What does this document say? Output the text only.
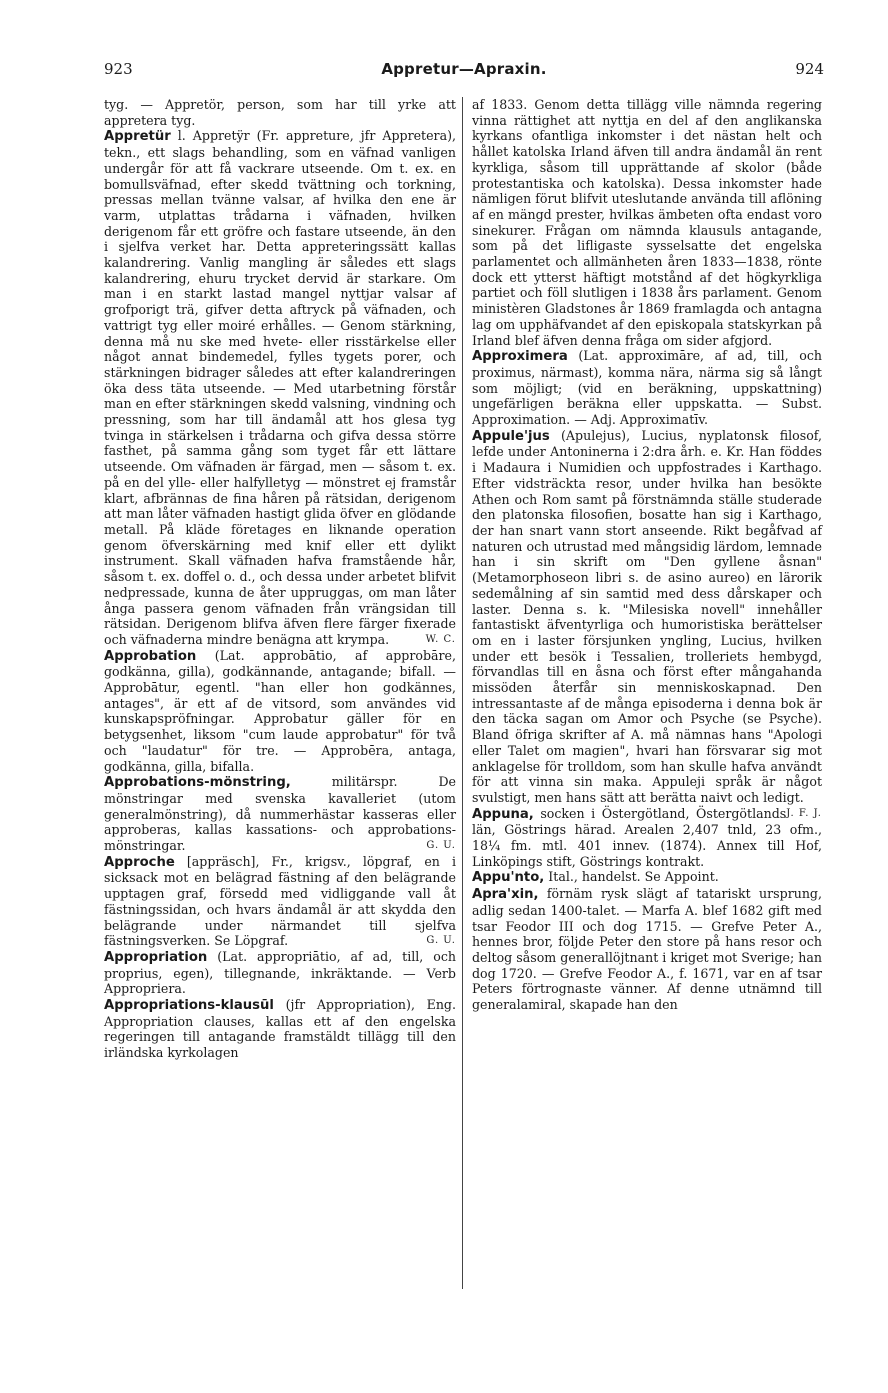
923	Appretur—Apraxin.	924

tyg. — Appretör, person, som har till yrke att appretera tyg.

Appretür l. Appretÿr (Fr. appreture, jfr Appretera), tekn., ett slags behandling, som en väfnad vanligen undergår för att få vackrare utseende. Om t. ex. en bomullsväfnad, efter skedd tvättning och torkning, pressas mellan tvänne valsar, af hvilka den ene är varm, utplattas trådarna i väfnaden, hvilken derigenom får ett gröfre och fastare utseende, än den i sjelfva verket har. Detta appreteringssätt kallas kalandrering. Vanlig mangling är således ett slags kalandrering, ehuru trycket dervid är starkare. Om man i en starkt lastad mangel nyttjar valsar af grofporigt trä, gifver detta aftryck på väfnaden, och vattrigt tyg eller moiré erhålles. — Genom stärkning, denna må nu ske med hvete- eller risstärkelse eller något annat bindemedel, fylles tygets porer, och stärkningen bidrager således att efter kalandreringen öka dess täta utseende. — Med utarbetning förstår man en efter stärkningen skedd valsning, vindning och pressning, som har till ändamål att hos glesa tyg tvinga in stärkelsen i trådarna och gifva dessa större fasthet, på samma gång som tyget får ett lättare utseende. Om väfnaden är färgad, men — såsom t. ex. på en del ylle- eller halfylletyg — mönstret ej framstår klart, afbrännas de fina håren på rätsidan, derigenom att man låter väfnaden hastigt glida öfver en glödande metall. På kläde företages en liknande operation genom öfverskärning med knif eller ett dylikt instrument. Skall väfnaden hafva framstående hår, såsom t. ex. doffel o. d., och dessa under arbetet blifvit nedpressade, kunna de åter uppruggas, om man låter ånga passera genom väfnaden från vrängsidan till rätsidan. Derigenom blifva äfven flere färger fixerade och väfnaderna mindre benägna att krympa.	W. C.

Approbation (Lat. approbātio, af approbāre, godkänna, gilla), godkännande, antagande; bifall. — Approbātur, egentl. "han eller hon godkännes, antages", är ett af de vitsord, som användes vid kunskapspröfningar. Approbatur gäller för en betygsenhet, liksom "cum laude approbatur" för två och "laudatur" för tre. — Approbēra, antaga, godkänna, gilla, bifalla.

Approbations-mönstring, militärspr. De mönstringar med svenska kavalleriet (utom generalmönstring), då nummerhästar kasseras eller approberas, kallas kassations- och approbations-mönstringar.	G. U.

Approche [appräsch], Fr., krigsv., löpgraf, en i sicksack mot en belägrad fästning af den belägrande upptagen graf, försedd med vidliggande vall åt fästningssidan, och hvars ändamål är att skydda den belägrande under närmandet till sjelfva fästningsverken. Se Löpgraf.	G. U.

Appropriation (Lat. appropriātio, af ad, till, och proprius, egen), tillegnande, inkräktande. — Verb Appropriera.

Appropriations-klausūl (jfr Appropriation), Eng. Appropriation clauses, kallas ett af den engelska regeringen till antagande framstäldt tillägg till den irländska kyrkolagen

af 1833. Genom detta tillägg ville nämnda regering vinna rättighet att nyttja en del af den anglikanska kyrkans ofantliga inkomster i det nästan helt och hållet katolska Irland äfven till andra ändamål än rent kyrkliga, såsom till upprättande af skolor (både protestantiska och katolska). Dessa inkomster hade nämligen förut blifvit uteslutande använda till aflöning af en mängd prester, hvilkas ämbeten ofta endast voro sinekurer. Frågan om nämnda klausuls antagande, som på det lifligaste sysselsatte det engelska parlamentet och allmänheten åren 1833—1838, rönte dock ett ytterst häftigt motstånd af det högkyrkliga partiet och föll slutligen i 1838 års parlament. Genom ministèren Gladstones år 1869 framlagda och antagna lag om upphäfvandet af den episkopala statskyrkan på Irland blef äfven denna fråga om sider afgjord.

Approximera (Lat. approximāre, af ad, till, och proximus, närmast), komma nära, närma sig så långt som möjligt; (vid en beräkning, uppskattning) ungefärligen beräkna eller uppskatta. — Subst. Approximation. — Adj. Approximatīv.

Appule'jus (Apulejus), Lucius, nyplatonsk filosof, lefde under Antoninerna i 2:dra årh. e. Kr. Han föddes i Madaura i Numidien och uppfostrades i Karthago. Efter vidsträckta resor, under hvilka han besökte Athen och Rom samt på förstnämnda ställe studerade den platonska filosofien, bosatte han sig i Karthago, der han snart vann stort anseende. Rikt begåfvad af naturen och utrustad med mångsidig lärdom, lemnade han i sin skrift om "Den gyllene åsnan" (Metamorphoseon libri s. de asino aureo) en lärorik sedemålning af sin samtid med dess dårskaper och laster. Denna s. k. "Milesiska novell" innehåller fantastiskt äfventyrliga och humoristiska berättelser om en i laster försjunken yngling, Lucius, hvilken under ett besök i Tessalien, trolleriets hembygd, förvandlas till en åsna och först efter mångahanda missöden återfår sin menniskoskapnad. Den intressantaste af de många episoderna i denna bok är den täcka sagan om Amor och Psyche (se Psyche). Bland öfriga skrifter af A. må nämnas hans "Apologi eller Talet om magien", hvari han försvarar sig mot anklagelse för trolldom, som han skulle hafva användt för att vinna sin maka. Appuleji språk är något svulstigt, men hans sätt att berätta naivt och ledigt.
J. F. J.

Appuna, socken i Östergötland, Östergötlands län, Göstrings härad. Arealen 2,407 tnld, 23 ofm., 18¼ fm. mtl. 401 innev. (1874). Annex till Hof, Linköpings stift, Göstrings kontrakt.

Appu'nto, Ital., handelst. Se Appoint.

Apra'xin, förnäm rysk slägt af tatariskt ursprung, adlig sedan 1400-talet. — Marfa A. blef 1682 gift med tsar Feodor III och dog 1715. — Grefve Peter A., hennes bror, följde Peter den store på hans resor och deltog såsom generallöjtnant i kriget mot Sverige; han dog 1720. — Grefve Feodor A., f. 1671, var en af tsar Peters förtrognaste vänner. Af denne utnämnd till generalamiral, skapade han den
